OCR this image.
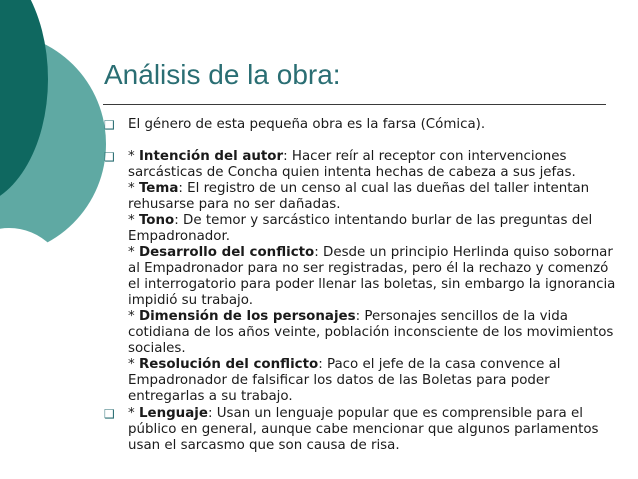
Análisis de la obra:
❑ El género de esta pequeña obra es la farsa (Cómica).
❑ * Intención del autor: Hacer reír al receptor con intervenciones sarcásticas de Concha quien intenta hechas de cabeza a sus jefas.
* Tema: El registro de un censo al cual las dueñas del taller intentan rehusarse para no ser dañadas.
* Tono: De temor y sarcástico intentando burlar de las preguntas del Empadronador.
* Desarrollo del conflicto: Desde un principio Herlinda quiso sobornar al Empadronador para no ser registradas, pero él la rechazo y comenzó el interrogatorio para poder llenar las boletas, sin embargo la ignorancia impidió su trabajo.
* Dimensión de los personajes: Personajes sencillos de la vida cotidiana de los años veinte, población inconsciente de los movimientos sociales.
* Resolución del conflicto: Paco el jefe de la casa convence al Empadronador de falsificar los datos de las Boletas para poder entregarlas a su trabajo.
❑ * Lenguaje: Usan un lenguaje popular que es comprensible para el público en general, aunque cabe mencionar que algunos parlamentos usan el sarcasmo que son causa de risa.
